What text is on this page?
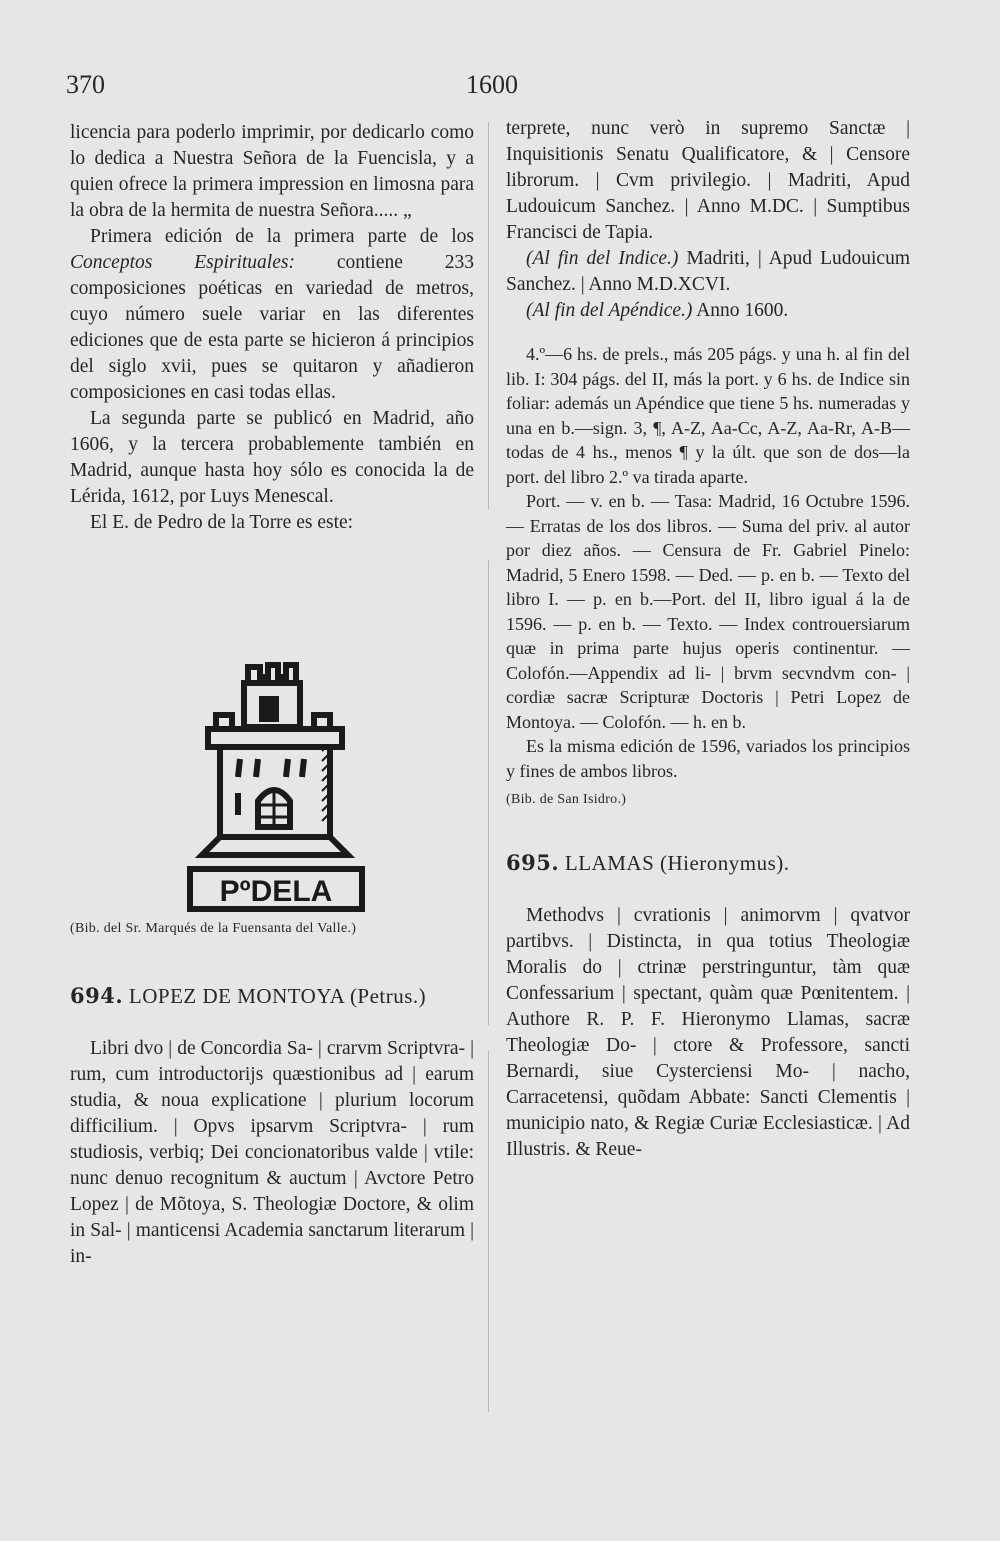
370	1600

licencia para poderlo imprimir, por dedicarlo como lo dedica a Nuestra Señora de la Fuencisla, y a quien ofrece la primera impression en limosna para la obra de la hermita de nuestra Señora..... „

Primera edición de la primera parte de los Conceptos Espirituales: contiene 233 composiciones poéticas en variedad de metros, cuyo número suele variar en las diferentes ediciones que de esta parte se hicieron á principios del siglo xvii, pues se quitaron y añadieron composiciones en casi todas ellas.

La segunda parte se publicó en Madrid, año 1606, y la tercera probablemente también en Madrid, aunque hasta hoy sólo es conocida la de Lérida, 1612, por Luys Menescal.

El E. de Pedro de la Torre es este:

(Bib. del Sr. Marqués de la Fuensanta del Valle.)

694. LOPEZ DE MONTOYA (Petrus.)

Libri dvo | de Concordia Sa- | crarvm Scriptvra- | rum, cum introductorijs quæstionibus ad | earum studia, & noua explicatione | plurium locorum difficilium. | Opvs ipsarvm Scriptvra- | rum studiosis, verbiq; Dei concionatoribus valde | vtile: nunc denuo recognitum & auctum | Avctore Petro Lopez | de Mõtoya, S. Theologiæ Doctore, & olim in Sal- | manticensi Academia sanctarum literarum | in-

PºDELA

terprete, nunc verò in supremo Sanctæ | Inquisitionis Senatu Qualificatore, & | Censore librorum. | Cvm privilegio. | Madriti, Apud Ludouicum Sanchez. | Anno M.DC. | Sumptibus Francisci de Tapia.

(Al fin del Indice.) Madriti, | Apud Ludouicum Sanchez. | Anno M.D.XCVI.

(Al fin del Apéndice.) Anno 1600.

4.º—6 hs. de prels., más 205 págs. y una h. al fin del lib. I: 304 págs. del II, más la port. y 6 hs. de Indice sin foliar: además un Apéndice que tiene 5 hs. numeradas y una en b.—sign. 3, ¶, A-Z, Aa-Cc, A-Z, Aa-Rr, A-B—todas de 4 hs., menos ¶ y la últ. que son de dos—la port. del libro 2.º va tirada aparte.

Port. — v. en b. — Tasa: Madrid, 16 Octubre 1596. — Erratas de los dos libros. — Suma del priv. al autor por diez años. — Censura de Fr. Gabriel Pinelo: Madrid, 5 Enero 1598. — Ded. — p. en b. — Texto del libro I. — p. en b.—Port. del II, libro igual á la de 1596. — p. en b. — Texto. — Index controuersiarum quæ in prima parte hujus operis continentur. — Colofón.—Appendix ad li- | brvm secvndvm con- | cordiæ sacræ Scripturæ Doctoris | Petri Lopez de Montoya. — Colofón. — h. en b.

Es la misma edición de 1596, variados los principios y fines de ambos libros.

(Bib. de San Isidro.)

695. LLAMAS (Hieronymus).

Methodvs | cvrationis | animorvm | qvatvor partibvs. | Distincta, in qua totius Theologiæ Moralis do | ctrinæ perstringuntur, tàm quæ Confessarium | spectant, quàm quæ Pœnitentem. | Authore R. P. F. Hieronymo Llamas, sacræ Theologiæ Do- | ctore & Professore, sancti Bernardi, siue Cysterciensi Mo- | nacho, Carracetensi, quõdam Abbate: Sancti Clementis | municipio nato, & Regiæ Curiæ Ecclesiasticæ. | Ad Illustris. & Reue-
